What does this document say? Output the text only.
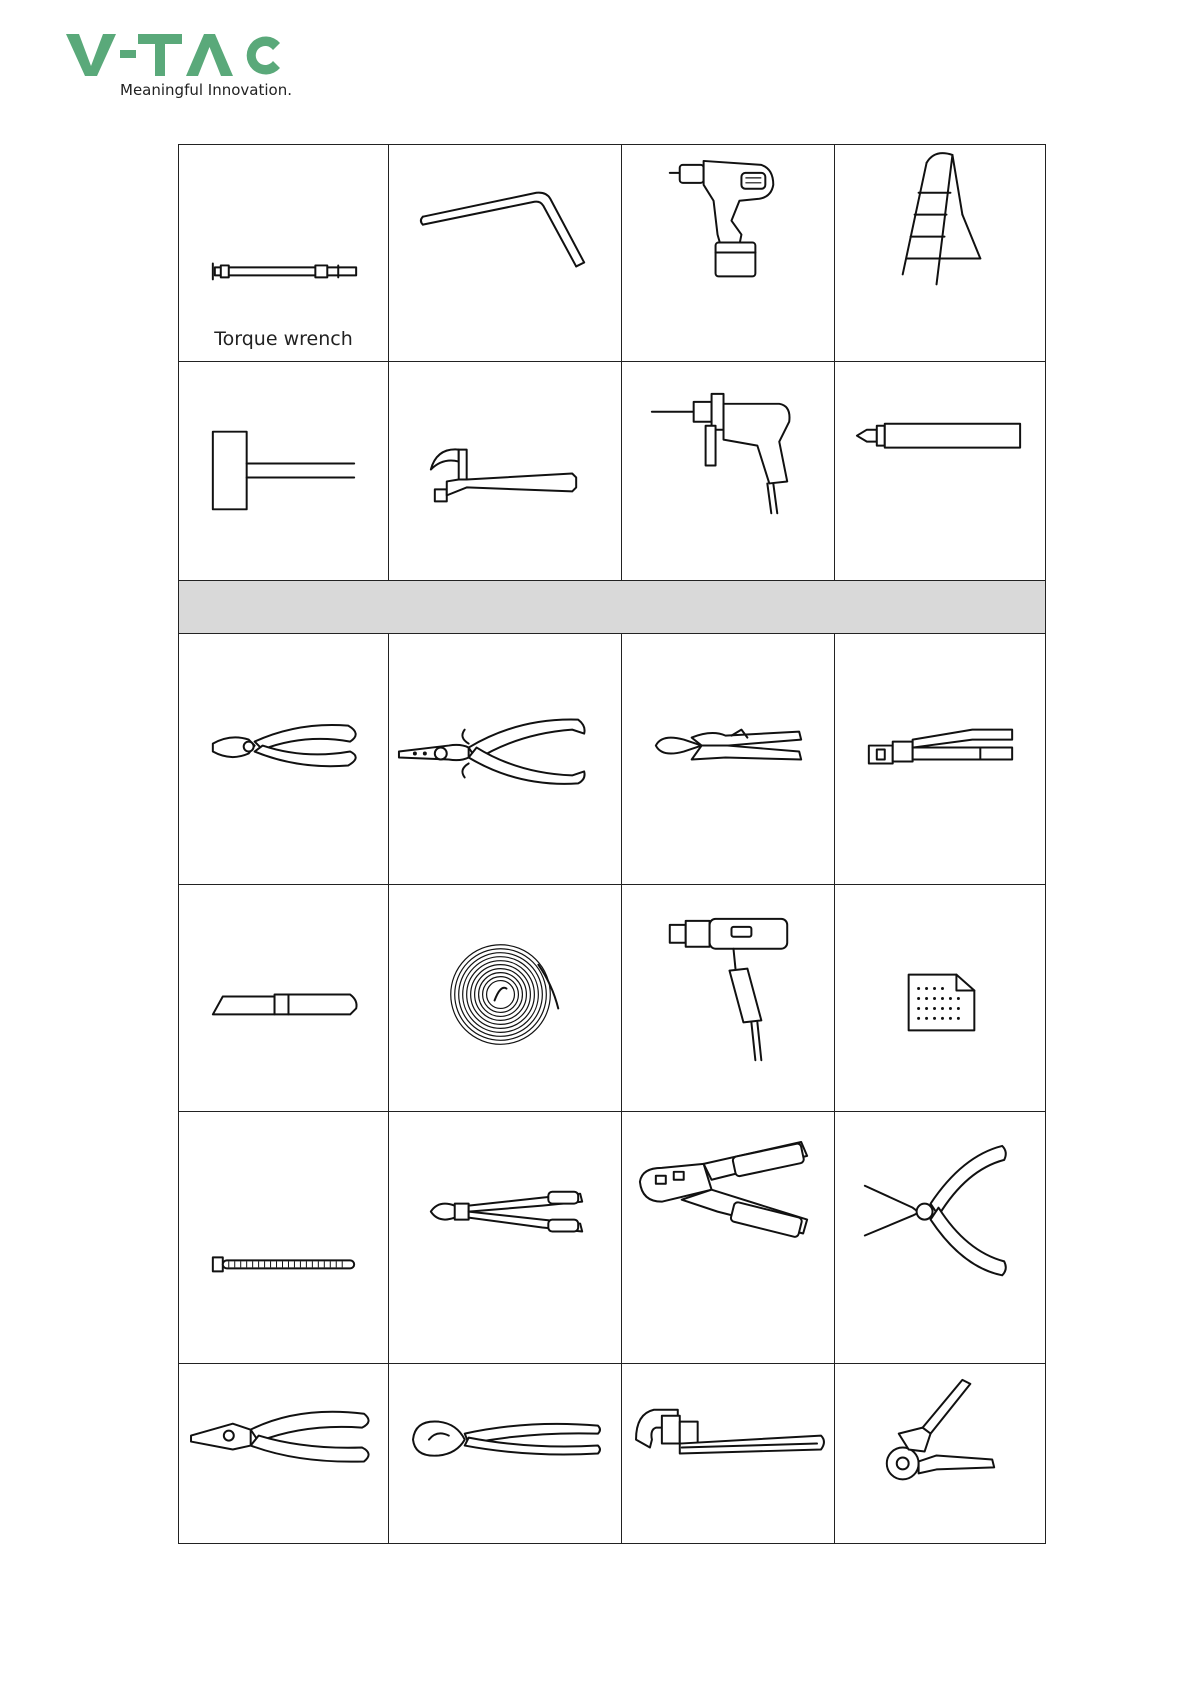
Meaningful Innovation.
Torque wrench
